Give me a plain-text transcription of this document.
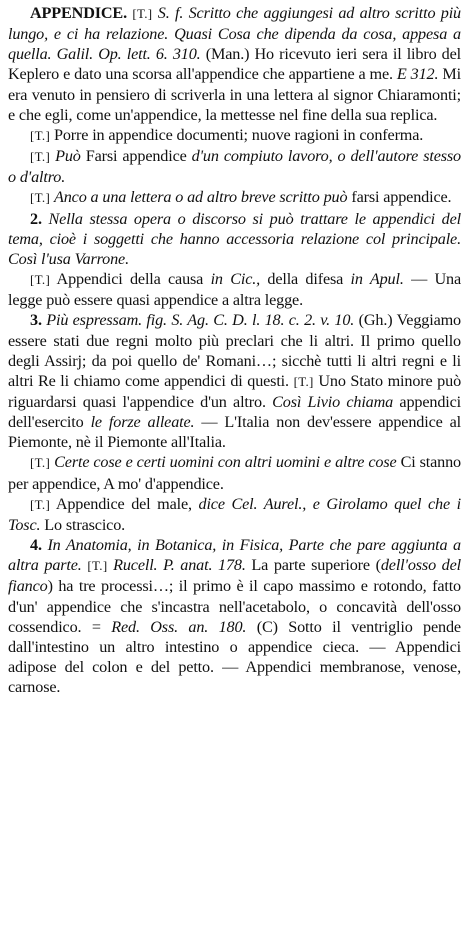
APPENDICE. [T.] S. f. Scritto che aggiungesi ad altro scritto più lungo, e ci ha relazione. Quasi Cosa che dipenda da cosa, appesa a quella. Galil. Op. lett. 6. 310. (Man.) Ho ricevuto ieri sera il libro del Keplero e dato una scorsa all'appendice che appartiene a me. E 312. Mi era venuto in pensiero di scriverla in una lettera al signor Chiaramonti; e che egli, come un'appendice, la mettesse nel fine della sua replica.

[T.] Porre in appendice documenti; nuove ragioni in conferma.

[T.] Può Farsi appendice d'un compiuto lavoro, o dell'autore stesso o d'altro.

[T.] Anco a una lettera o ad altro breve scritto può farsi appendice.

2. Nella stessa opera o discorso si può trattare le appendici del tema, cioè i soggetti che hanno accessoria relazione col principale. Così l'usa Varrone.

[T.] Appendici della causa in Cic., della difesa in Apul. — Una legge può essere quasi appendice a altra legge.

3. Più espressam. fig. S. Ag. C. D. l. 18. c. 2. v. 10. (Gh.) Veggiamo essere stati due regni molto più preclari che li altri. Il primo quello degli Assirj; da poi quello de' Romani…; sicchè tutti li altri regni e li altri Re li chiamo come appendici di questi. [T.] Uno Stato minore può riguardarsi quasi l'appendice d'un altro. Così Livio chiama appendici dell'esercito le forze alleate. — L'Italia non dev'essere appendice al Piemonte, nè il Piemonte all'Italia.

[T.] Certe cose e certi uomini con altri uomini e altre cose Ci stanno per appendice, A mo' d'appendice.

[T.] Appendice del male, dice Cel. Aurel., e Girolamo quel che i Tosc. Lo strascico.

4. In Anatomia, in Botanica, in Fisica, Parte che pare aggiunta a altra parte. [T.] Rucell. P. anat. 178. La parte superiore (dell'osso del fianco) ha tre processi…; il primo è il capo massimo e rotondo, fatto d'un' appendice che s'incastra nell'acetabolo, o concavità dell'osso cossendico. = Red. Oss. an. 180. (C) Sotto il ventriglio pende dall'intestino un altro intestino o appendice cieca. — Appendici adipose del colon e del petto. — Appendici membranose, venose, carnose.
